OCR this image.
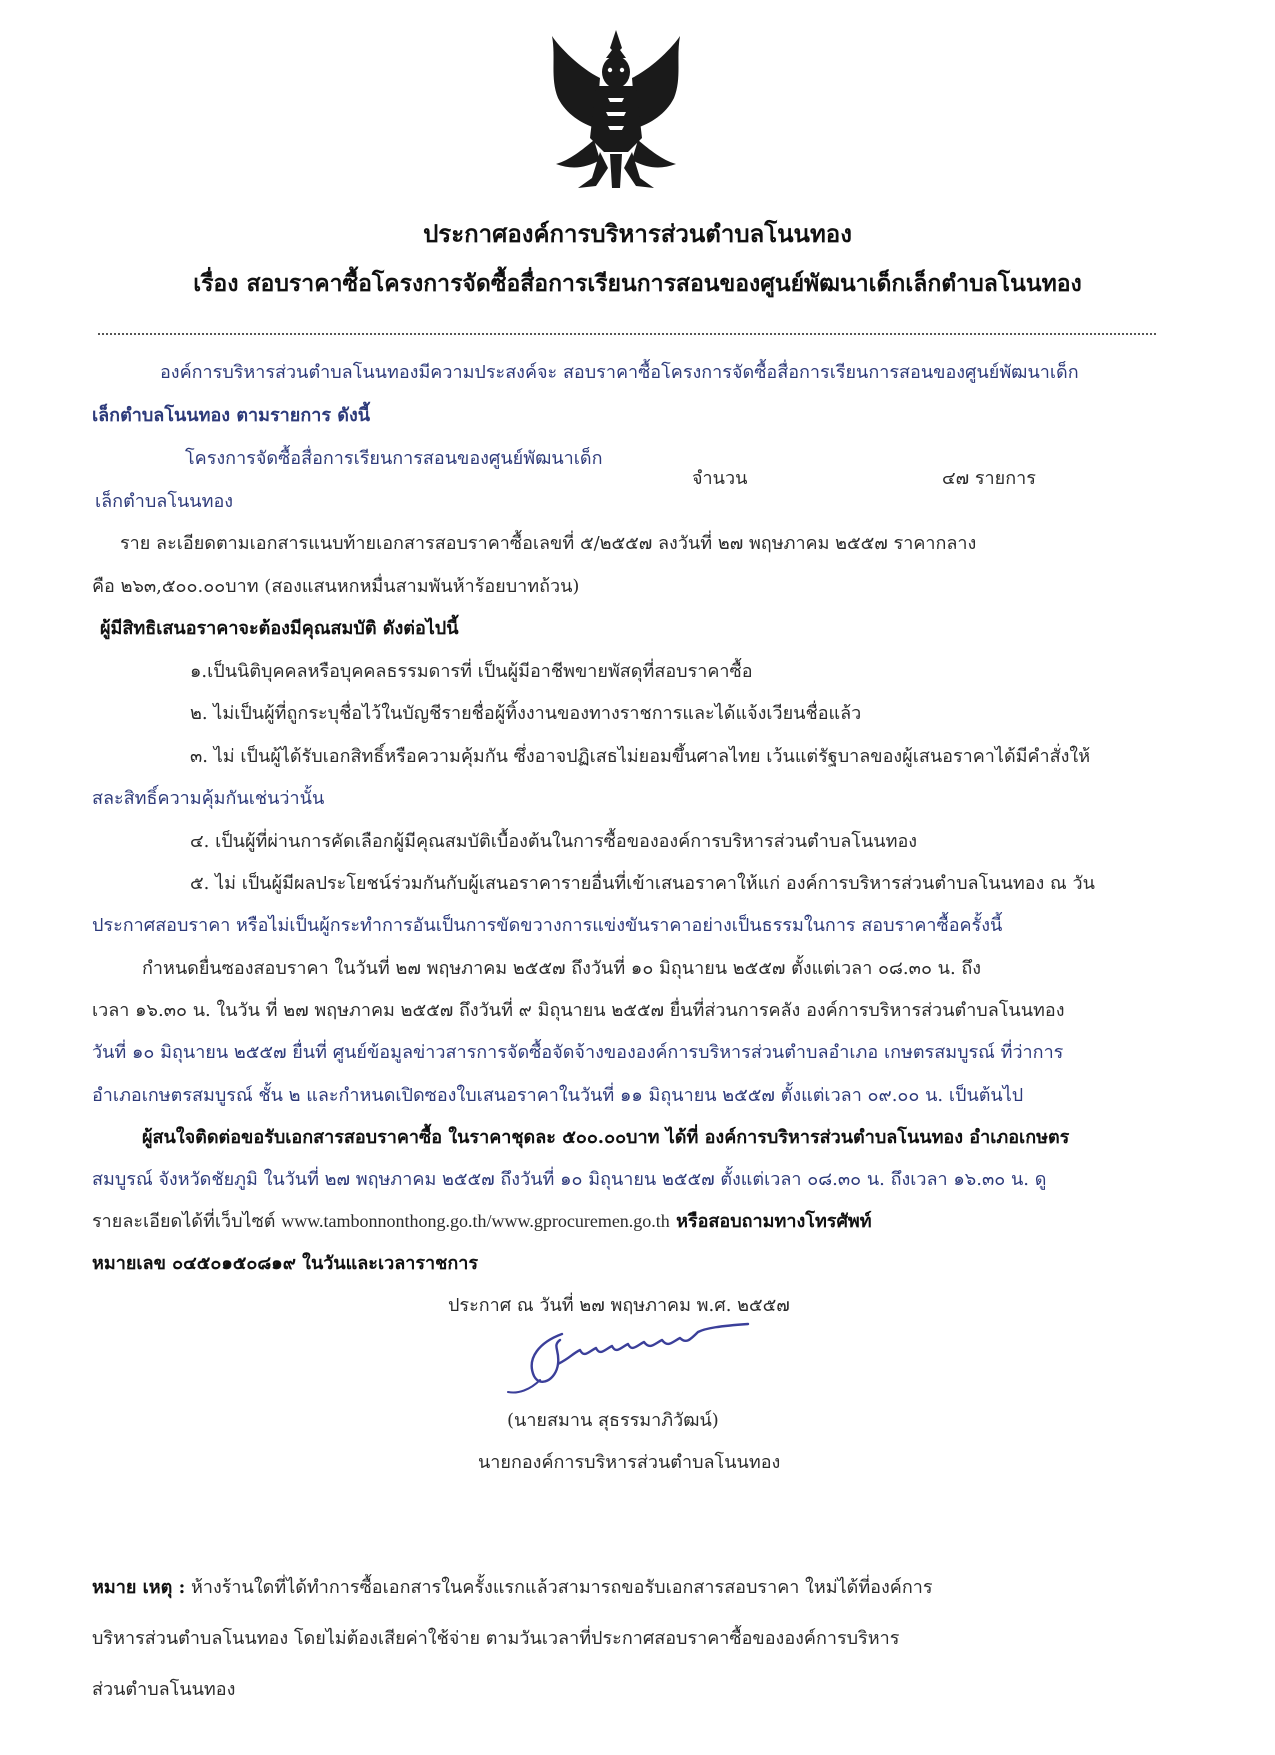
ประกาศองค์การบริหารส่วนตำบลโนนทอง
เรื่อง สอบราคาซื้อโครงการจัดซื้อสื่อการเรียนการสอนของศูนย์พัฒนาเด็กเล็กตำบลโนนทอง
องค์การบริหารส่วนตำบลโนนทองมีความประสงค์จะ สอบราคาซื้อโครงการจัดซื้อสื่อการเรียนการสอนของศูนย์พัฒนาเด็ก
เล็กตำบลโนนทอง ตามรายการ ดังนี้
โครงการจัดซื้อสื่อการเรียนการสอนของศูนย์พัฒนาเด็ก
จำนวน	๔๗ รายการ
เล็กตำบลโนนทอง
ราย ละเอียดตามเอกสารแนบท้ายเอกสารสอบราคาซื้อเลขที่ ๕/๒๕๕๗ ลงวันที่ ๒๗ พฤษภาคม ๒๕๕๗ ราคากลาง
คือ ๒๖๓,๕๐๐.๐๐บาท (สองแสนหกหมื่นสามพันห้าร้อยบาทถ้วน)
ผู้มีสิทธิเสนอราคาจะต้องมีคุณสมบัติ ดังต่อไปนี้
๑.เป็นนิติบุคคลหรือบุคคลธรรมดารที่ เป็นผู้มีอาชีพขายพัสดุที่สอบราคาซื้อ
๒. ไม่เป็นผู้ที่ถูกระบุชื่อไว้ในบัญชีรายชื่อผู้ทิ้งงานของทางราชการและได้แจ้งเวียนชื่อแล้ว
๓. ไม่ เป็นผู้ได้รับเอกสิทธิ์หรือความคุ้มกัน ซึ่งอาจปฏิเสธไม่ยอมขึ้นศาลไทย เว้นแต่รัฐบาลของผู้เสนอราคาได้มีคำสั่งให้
สละสิทธิ์ความคุ้มกันเช่นว่านั้น
๔. เป็นผู้ที่ผ่านการคัดเลือกผู้มีคุณสมบัติเบื้องต้นในการซื้อขององค์การบริหารส่วนตำบลโนนทอง
๕. ไม่ เป็นผู้มีผลประโยชน์ร่วมกันกับผู้เสนอราคารายอื่นที่เข้าเสนอราคาให้แก่ องค์การบริหารส่วนตำบลโนนทอง ณ วัน
ประกาศสอบราคา หรือไม่เป็นผู้กระทำการอันเป็นการขัดขวางการแข่งขันราคาอย่างเป็นธรรมในการ สอบราคาซื้อครั้งนี้
กำหนดยื่นซองสอบราคา ในวันที่ ๒๗ พฤษภาคม ๒๕๕๗ ถึงวันที่ ๑๐ มิถุนายน ๒๕๕๗ ตั้งแต่เวลา ๐๘.๓๐ น. ถึง
เวลา ๑๖.๓๐ น. ในวัน ที่ ๒๗ พฤษภาคม ๒๕๕๗ ถึงวันที่ ๙ มิถุนายน ๒๕๕๗ ยื่นที่ส่วนการคลัง องค์การบริหารส่วนตำบลโนนทอง
วันที่ ๑๐ มิถุนายน ๒๕๕๗ ยื่นที่ ศูนย์ข้อมูลข่าวสารการจัดซื้อจัดจ้างขององค์การบริหารส่วนตำบลอำเภอ เกษตรสมบูรณ์ ที่ว่าการ
อำเภอเกษตรสมบูรณ์ ชั้น ๒ และกำหนดเปิดซองใบเสนอราคาในวันที่ ๑๑ มิถุนายน ๒๕๕๗ ตั้งแต่เวลา ๐๙.๐๐ น. เป็นต้นไป
ผู้สนใจติดต่อขอรับเอกสารสอบราคาซื้อ ในราคาชุดละ ๕๐๐.๐๐บาท ได้ที่ องค์การบริหารส่วนตำบลโนนทอง อำเภอเกษตร
สมบูรณ์ จังหวัดชัยภูมิ ในวันที่ ๒๗ พฤษภาคม ๒๕๕๗ ถึงวันที่ ๑๐ มิถุนายน ๒๕๕๗ ตั้งแต่เวลา ๐๘.๓๐ น. ถึงเวลา ๑๖.๓๐ น. ดู
รายละเอียดได้ที่เว็บไซต์ www.tambonnonthong.go.th/www.gprocuremen.go.th หรือสอบถามทางโทรศัพท์
หมายเลข ๐๔๕๐๑๕๐๘๑๙ ในวันและเวลาราชการ
ประกาศ ณ วันที่ ๒๗ พฤษภาคม พ.ศ. ๒๕๕๗
(นายสมาน สุธรรมาภิวัฒน์)
นายกองค์การบริหารส่วนตำบลโนนทอง
หมาย เหตุ : ห้างร้านใดที่ได้ทำการซื้อเอกสารในครั้งแรกแล้วสามารถขอรับเอกสารสอบราคา ใหม่ได้ที่องค์การ
บริหารส่วนตำบลโนนทอง โดยไม่ต้องเสียค่าใช้จ่าย ตามวันเวลาที่ประกาศสอบราคาซื้อขององค์การบริหาร
ส่วนตำบลโนนทอง
